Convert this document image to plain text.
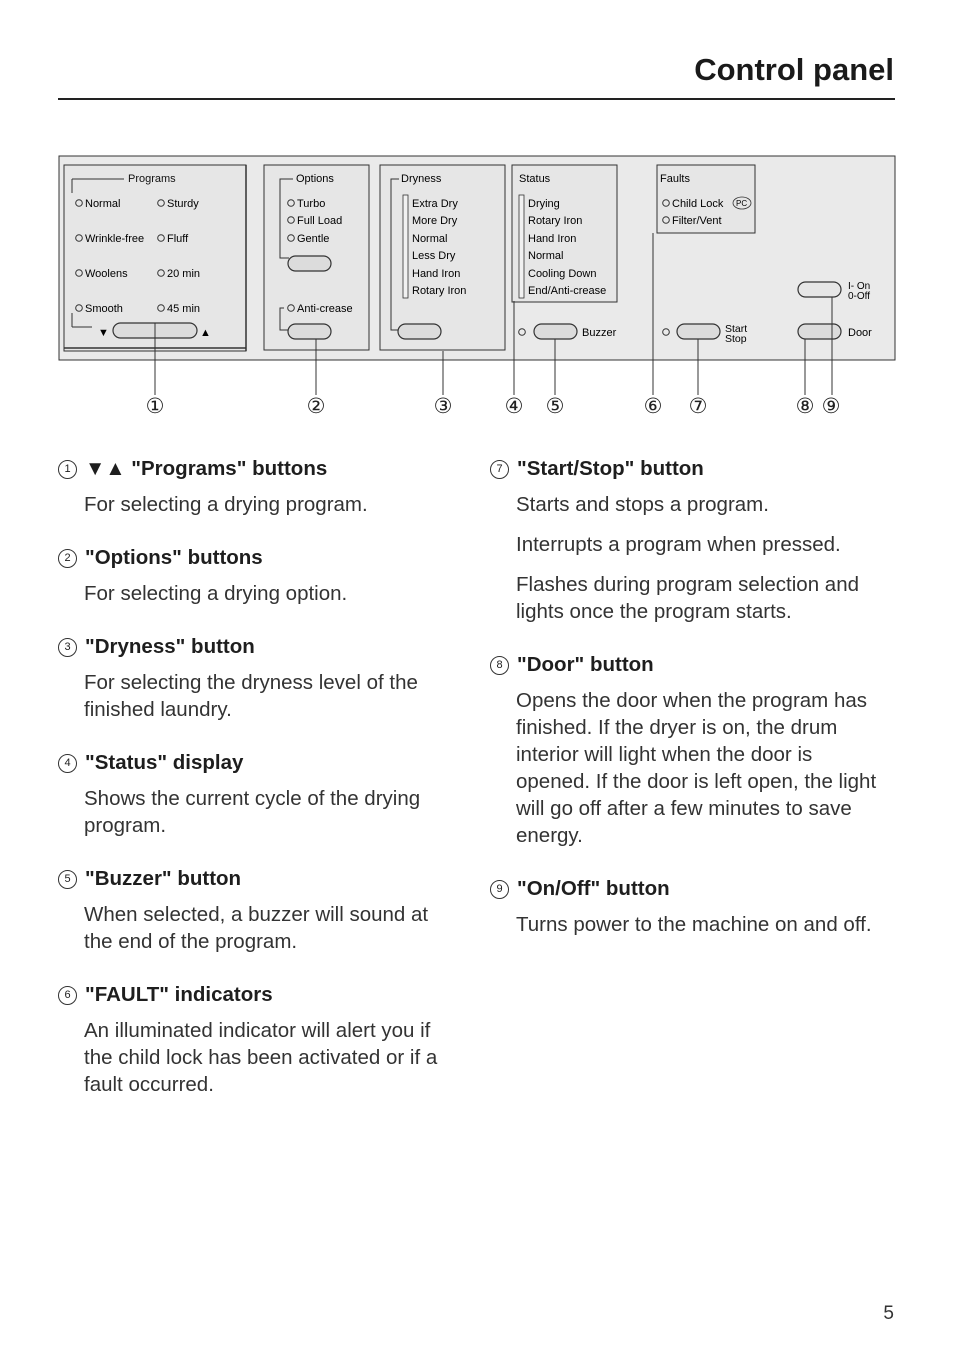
Control panel
Programs
Normal	Sturdy
Wrinkle-free Fluff
Woolens	20 min
Smooth	45 min
▼	▲
Options
Turbo
Full Load
Gentle
Anti-crease
Dryness
Extra Dry
More Dry
Normal
Less Dry
Hand Iron
Rotary Iron
Status
Drying
Rotary Iron
Hand Iron
Normal
Cooling Down
End/Anti-crease
Buzzer
Faults
Child Lock PC
Filter/Vent
Start
Stop
I- On
0-Off
Door
①	②	③ ④ ⑤	⑥ ⑦	⑧ ⑨
1 ▼▲ "Programs" buttons

For selecting a drying program.

2 "Options" buttons

For selecting a drying option.

3 "Dryness" button

For selecting the dryness level of the finished laundry.

4 "Status" display

Shows the current cycle of the drying program.

5 "Buzzer" button

When selected, a buzzer will sound at the end of the program.

6 "FAULT" indicators

An illuminated indicator will alert you if the child lock has been activated or if a fault occurred.

7 "Start/Stop" button

Starts and stops a program.

Interrupts a program when pressed.

Flashes during program selection and lights once the program starts.

8 "Door" button

Opens the door when the program has finished. If the dryer is on, the drum interior will light when the door is opened. If the door is left open, the light will go off after a few minutes to save energy.

9 "On/Off" button

Turns power to the machine on and off.

5
